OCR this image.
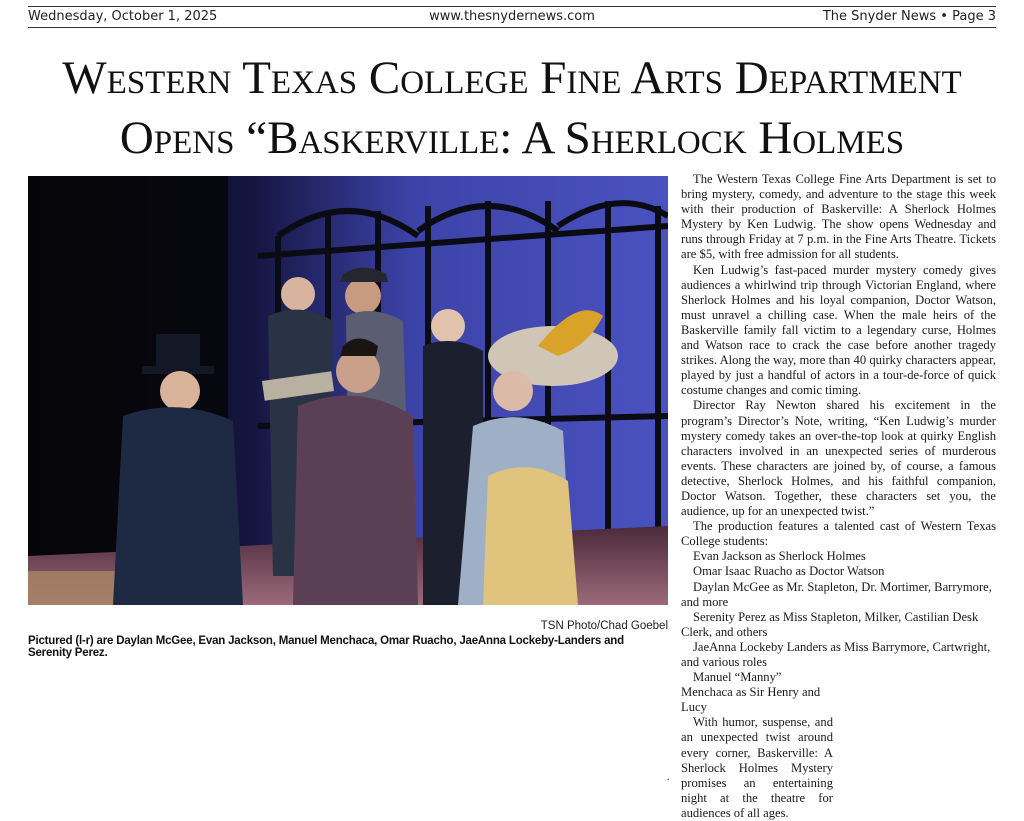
Wednesday, October 1, 2025	www.thesnydernews.com	The Snyder News • Page 3
Western Texas College Fine Arts Department
Opens “Baskerville: A Sherlock Holmes
TSN Photo/Chad Goebel
Pictured (l-r) are Daylan McGee, Evan Jackson, Manuel Menchaca, Omar Ruacho, JaeAnna Lockeby-Landers and Serenity Perez.

The Western Texas College Fine Arts Department is set to bring mystery, comedy, and adventure to the stage this week with their production of Baskerville: A Sherlock Holmes Mystery by Ken Ludwig. The show opens Wednesday and runs through Friday at 7 p.m. in the Fine Arts Theatre. Tickets are $5, with free admission for all students.

Ken Ludwig’s fast-paced murder mystery comedy gives audiences a whirlwind trip through Victorian England, where Sherlock Holmes and his loyal companion, Doctor Watson, must unravel a chilling case. When the male heirs of the Baskerville family fall victim to a legendary curse, Holmes and Watson race to crack the case before another tragedy strikes. Along the way, more than 40 quirky characters appear, played by just a handful of actors in a tour-de-force of quick costume changes and comic timing.

Director Ray Newton shared his excitement in the program’s Director’s Note, writing, “Ken Ludwig’s murder mystery comedy takes an over-the-top look at quirky English characters involved in an unexpected series of murderous events. These characters are joined by, of course, a famous detective, Sherlock Holmes, and his faithful companion, Doctor Watson. Together, these characters set you, the audience, up for an unexpected twist.”

The production features a talented cast of Western Texas College students:

Evan Jackson as Sherlock Holmes

Omar Isaac Ruacho as Doctor Watson

Daylan McGee as Mr. Stapleton, Dr. Mortimer, Barrymore, and more

Serenity Perez as Miss Stapleton, Milker, Castilian Desk Clerk, and others

JaeAnna Lockeby Landers as Miss Barrymore, Cartwright, and various roles

Manuel “Manny” Menchaca as Sir Henry and Lucy

With humor, suspense, and an unexpected twist around every corner, Baskerville: A Sherlock Holmes Mystery promises an entertaining night at the theatre for audiences of all ages.

.
